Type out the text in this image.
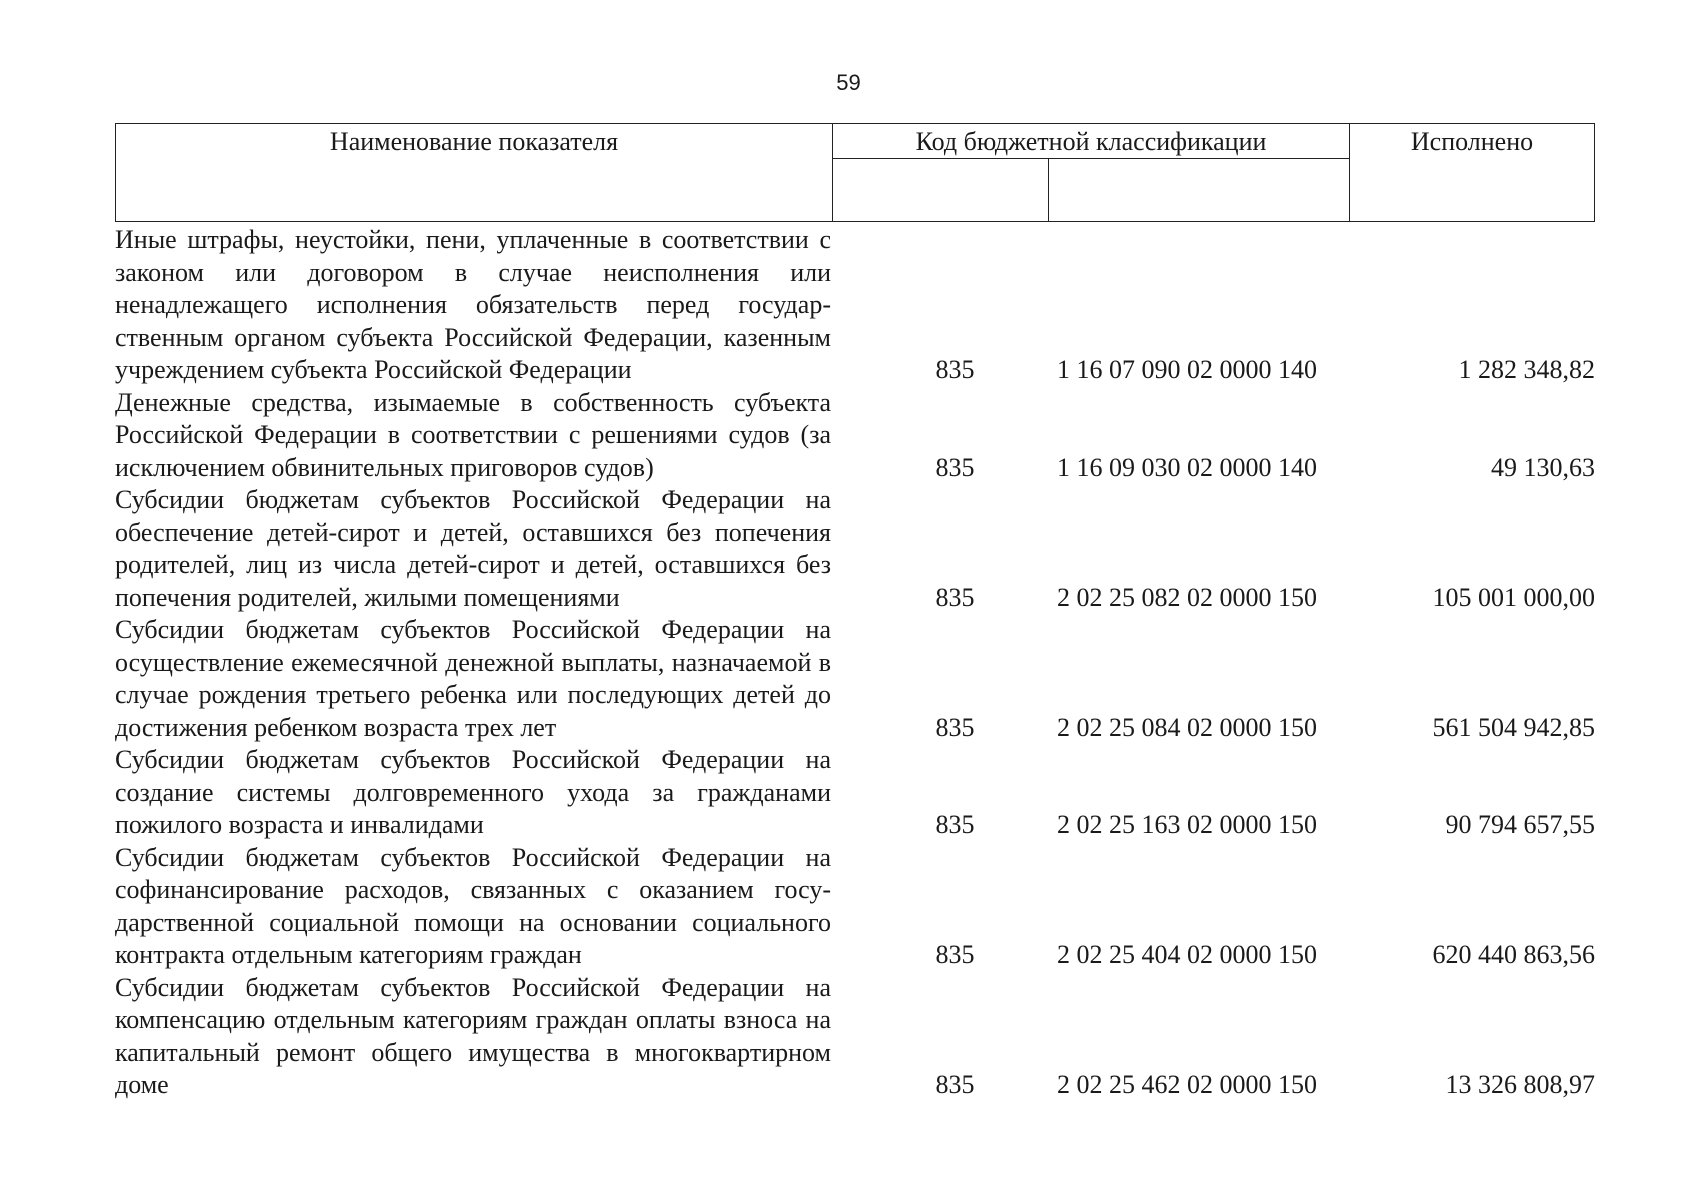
59
Наименование показателя	Код бюджетной классификации	Исполнено
Иные штрафы, неустойки, пени, уплаченные в соответствии с законом или договором в случае неисполнения или ненадлежащего исполнения обязательств перед государственным органом субъекта Российской Федерации, казенным учреждением субъекта Российской Федерации	835	1 16 07 090 02 0000 140	1 282 348,82
Денежные средства, изымаемые в собственность субъекта Российской Федерации в соответствии с решениями судов (за исключением обвинительных приговоров судов)	835	1 16 09 030 02 0000 140	49 130,63
Субсидии бюджетам субъектов Российской Федерации на обеспечение детей-сирот и детей, оставшихся без попечения родителей, лиц из числа детей-сирот и детей, оставшихся без попечения родителей, жилыми помещениями	835	2 02 25 082 02 0000 150	105 001 000,00
Субсидии бюджетам субъектов Российской Федерации на осуществление ежемесячной денежной выплаты, назначаемой в случае рождения третьего ребенка или последующих детей до достижения ребенком возраста трех лет	835	2 02 25 084 02 0000 150	561 504 942,85
Субсидии бюджетам субъектов Российской Федерации на создание системы долговременного ухода за гражданами пожилого возраста и инвалидами	835	2 02 25 163 02 0000 150	90 794 657,55
Субсидии бюджетам субъектов Российской Федерации на софинансирование расходов, связанных с оказанием государственной социальной помощи на основании социального контракта отдельным категориям граждан	835	2 02 25 404 02 0000 150	620 440 863,56
Субсидии бюджетам субъектов Российской Федерации на компенсацию отдельным категориям граждан оплаты взноса на капитальный ремонт общего имущества в многоквартирном доме	835	2 02 25 462 02 0000 150	13 326 808,97
